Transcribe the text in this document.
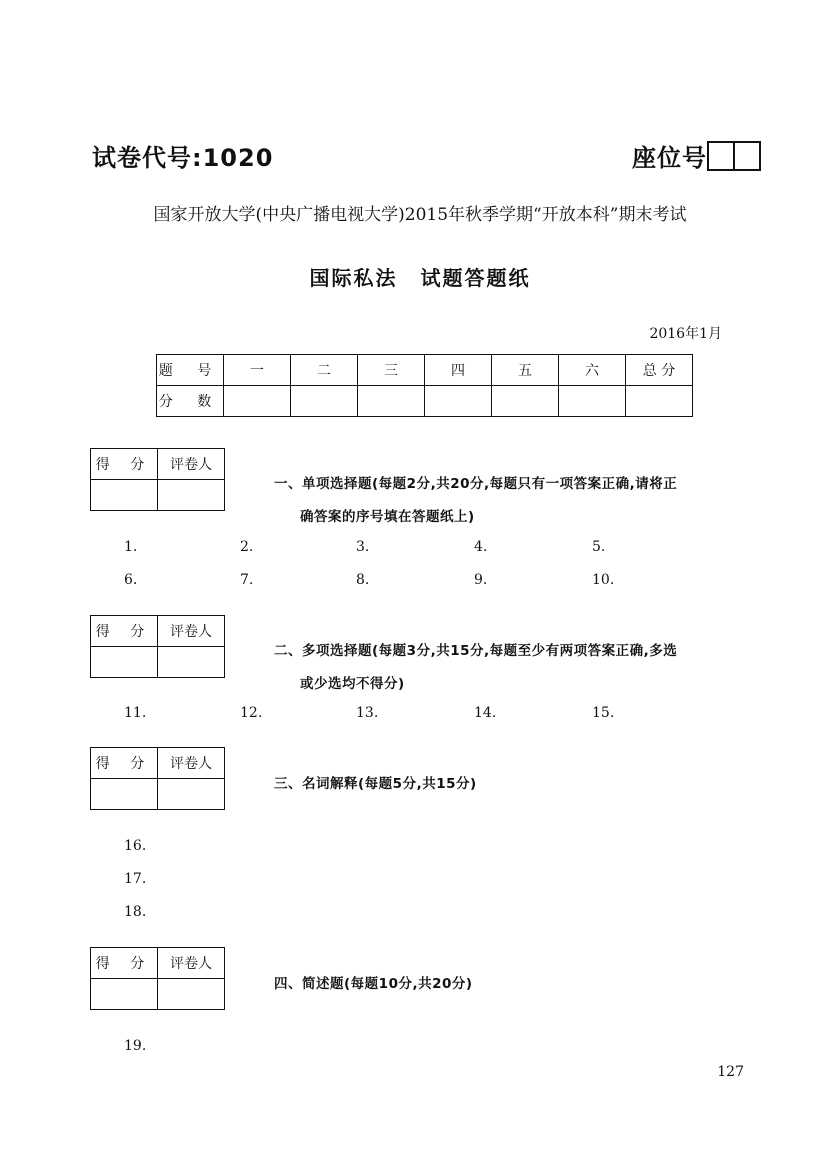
试卷代号:1020	座位号
国家开放大学(中央广播电视大学)2015年秋季学期“开放本科”期末考试
国际私法 试题答题纸
2016年1月
题 号	一	二	三	四	五	六	总 分
分 数							
得 分	评卷人

一、单项选择题(每题2分,共20分,每题只有一项答案正确,请将正
确答案的序号填在答题纸上)
1.	2.	3.	4.	5.
6.	7.	8.	9.	10.
得 分	评卷人

二、多项选择题(每题3分,共15分,每题至少有两项答案正确,多选
或少选均不得分)
11.	12.	13.	14.	15.
得 分	评卷人

三、名词解释(每题5分,共15分)
16.
17.
18.
得 分	评卷人

四、简述题(每题10分,共20分)
19.
127
